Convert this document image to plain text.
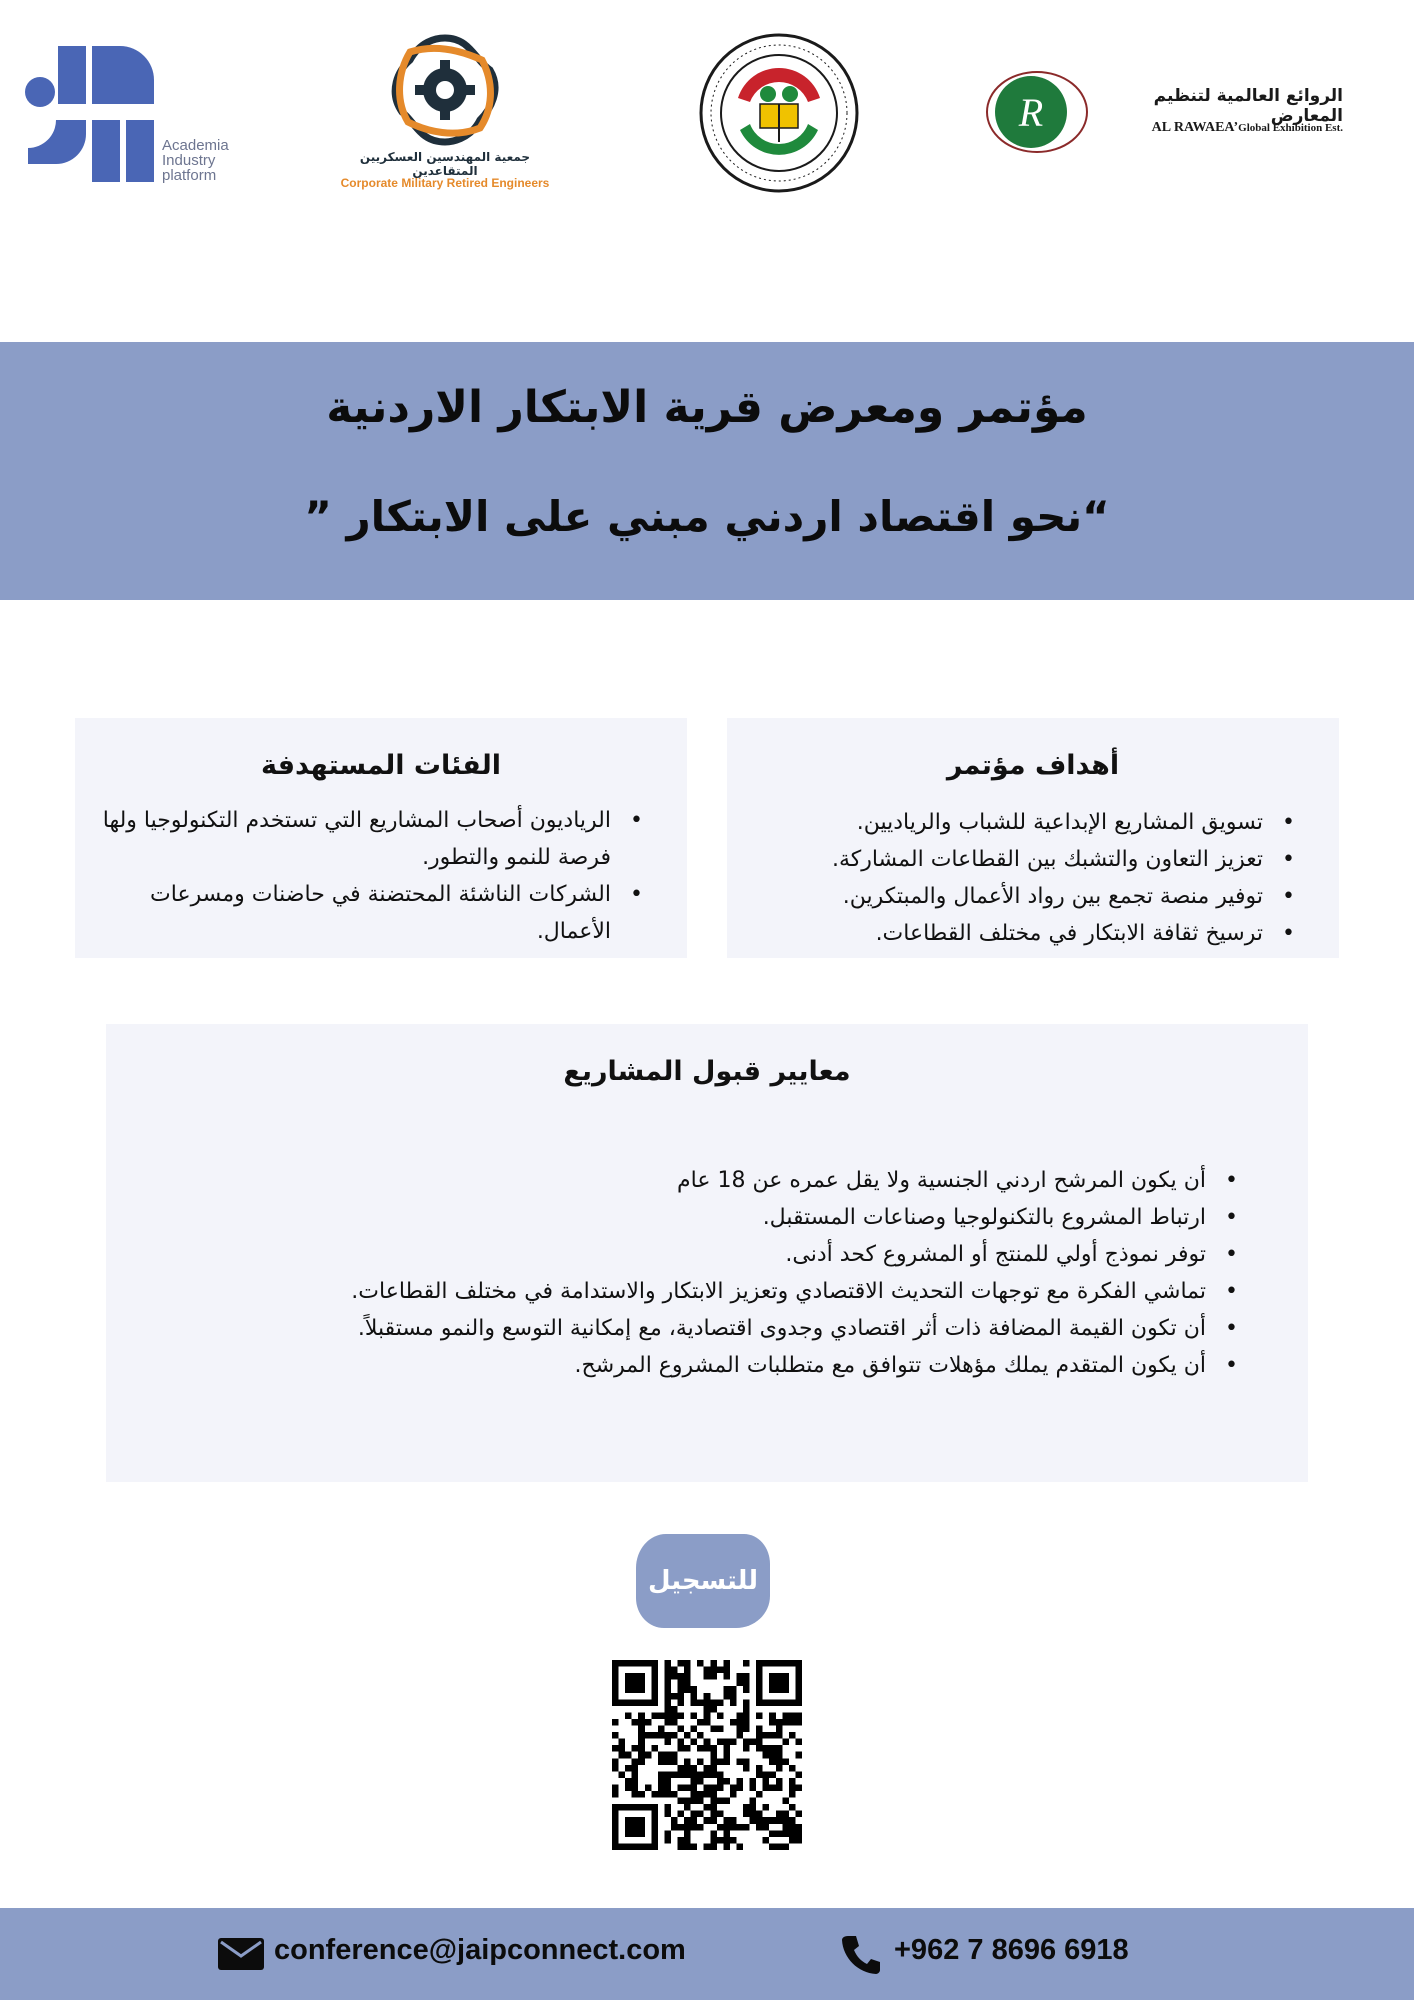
Academia
Industry
platform
جمعية المهندسين العسكريين المتقاعدين
Corporate Military Retired Engineers
R	الروائع العالمية لتنظيم المعارض
AL RAWAEA’Global Exhibition Est.
مؤتمر ومعرض قرية الابتكار الاردنية
“نحو اقتصاد اردني مبني على الابتكار ”
أهداف مؤتمر
• تسويق المشاريع الإبداعية للشباب والرياديين.
• تعزيز التعاون والتشبك بين القطاعات المشاركة.
• توفير منصة تجمع بين رواد الأعمال والمبتكرين.
• ترسيخ ثقافة الابتكار في مختلف القطاعات.
الفئات المستهدفة
• الرياديون أصحاب المشاريع التي تستخدم التكنولوجيا ولها فرصة للنمو والتطور.
• الشركات الناشئة المحتضنة في حاضنات ومسرعات الأعمال.
معايير قبول المشاريع
• أن يكون المرشح اردني الجنسية ولا يقل عمره عن 18 عام
• ارتباط المشروع بالتكنولوجيا وصناعات المستقبل.
• توفر نموذج أولي للمنتج أو المشروع كحد أدنى.
• تماشي الفكرة مع توجهات التحديث الاقتصادي وتعزيز الابتكار والاستدامة في مختلف القطاعات.
• أن تكون القيمة المضافة ذات أثر اقتصادي وجدوى اقتصادية، مع إمكانية التوسع والنمو مستقبلاً.
• أن يكون المتقدم يملك مؤهلات تتوافق مع متطلبات المشروع المرشح.
للتسجيل
conference@jaipconnect.com	+962 7 8696 6918
